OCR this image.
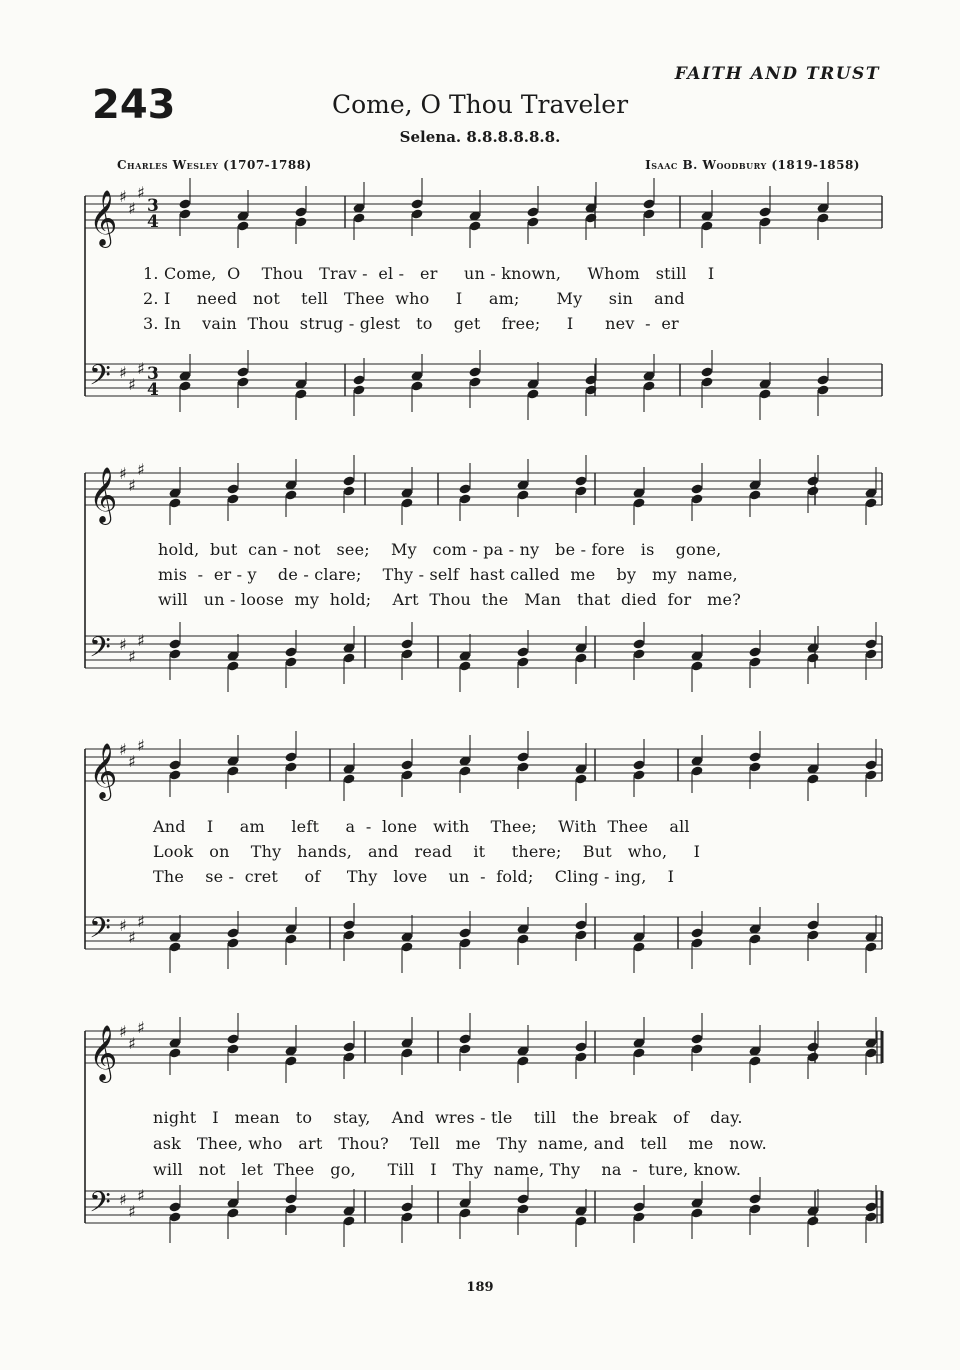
FAITH AND TRUST
243	Come, O Thou Traveler
Selena. 8.8.8.8.8.8.
Charles Wesley (1707-1788)	Isaac B. Woodbury (1819-1858)
𝄞 ♯
♯
♯
3
4
𝄢 ♯
♯
♯ 3
4
𝄞 ♯
♯
♯
𝄢 ♯
♯
♯
𝄞 ♯
♯
♯
𝄢 ♯
♯
♯
𝄞 ♯
♯
♯
𝄢 ♯
♯
♯
1. Come,  O    Thou   Trav -  el -   er     un - known,     Whom   still    I
2. I     need   not    tell   Thee  who     I     am;       My     sin    and
3. In    vain  Thou  strug - glest   to    get    free;     I      nev  -  er
hold,  but  can - not   see;    My   com - pa - ny   be - fore   is    gone,
mis  -  er - y    de - clare;    Thy - self  hast called  me    by   my  name,
will   un - loose  my  hold;    Art  Thou  the   Man   that  died  for   me?
And    I     am     left     a  -  lone   with    Thee;    With  Thee    all
Look   on    Thy   hands,   and   read    it     there;    But   who,     I
The    se -  cret     of     Thy   love    un  -  fold;    Cling - ing,    I
night   I   mean   to    stay,    And  wres - tle    till   the  break   of    day.
ask   Thee, who   art   Thou?    Tell   me   Thy  name, and   tell    me   now.
will   not   let  Thee   go,      Till   I   Thy  name, Thy    na  -  ture, know.
189
